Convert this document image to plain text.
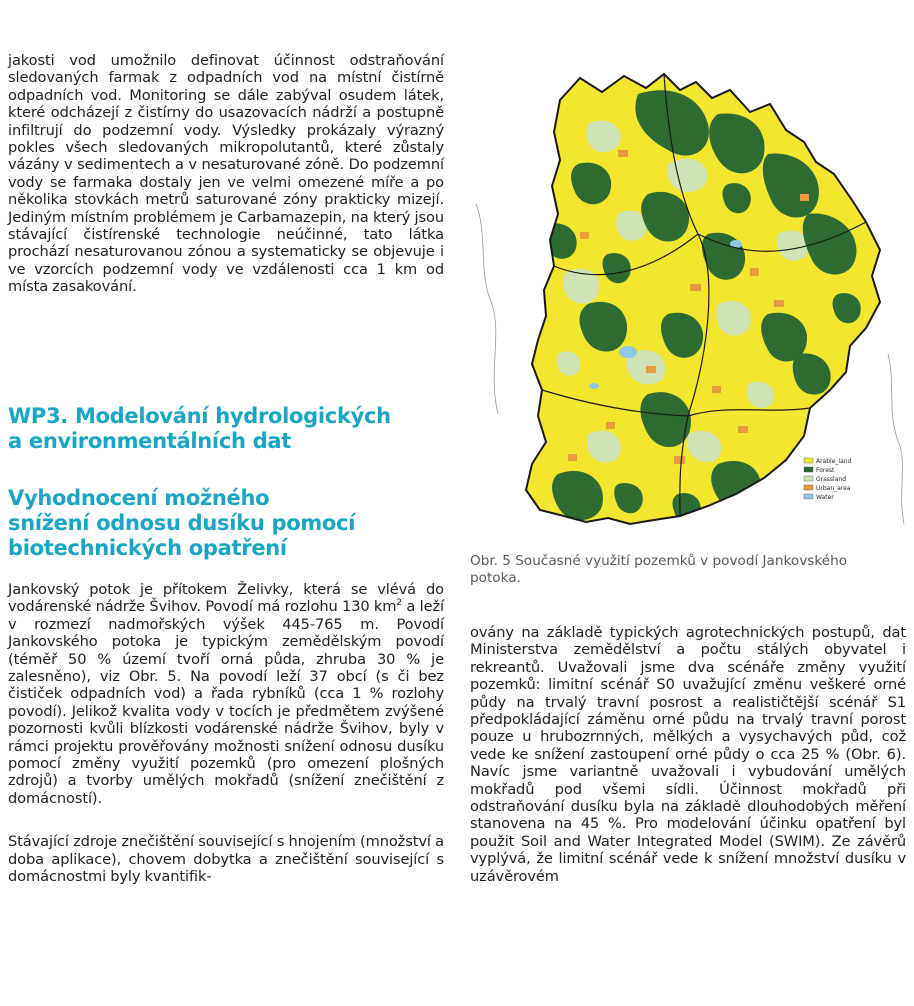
jakosti vod umožnilo definovat účinnost odstraňování sledovaných farmak z odpadních vod na místní čistírně odpadních vod. Monitoring se dále zabýval osudem látek, které odcházejí z čistírny do usazovacích nádrží a postupně infiltrují do podzemní vody. Výsledky prokázaly výrazný pokles všech sledovaných mikropolutantů, které zůstaly vázány v sedimentech a v nesaturované zóně. Do podzemní vody se farmaka dostaly jen ve velmi omezené míře a po několika stovkách metrů saturované zóny prakticky mizejí. Jediným místním problémem je Carbamazepin, na který jsou stávající čistírenské technologie neúčinné, tato látka prochází nesaturovanou zónou a systematicky se objevuje i ve vzorcích podzemní vody ve vzdálenosti cca 1 km od místa zasakování.

WP3. Modelování hydrologických
a environmentálních dat
Vyhodnocení možného
snížení odnosu dusíku pomocí
biotechnických opatření

Jankovský potok je přítokem Želivky, která se vlévá do vodárenské nádrže Švihov. Povodí má rozlohu 130 $km^2$ a leží v rozmezí nadmořských výšek 445-765 m. Povodí Jankovského potoka je typickým zemědělským povodí (téměř 50 % území tvoří orná půda, zhruba 30 % je zalesněno), viz Obr. 5. Na povodí leží 37 obcí (s či bez čističek odpadních vod) a řada rybníků (cca 1 % rozlohy povodí). Jelikož kvalita vody v tocích je předmětem zvýšené pozornosti kvůli blízkosti vodárenské nádrže Švihov, byly v rámci projektu prověřovány možnosti snížení odnosu dusíku pomocí změny využití pozemků (pro omezení plošných zdrojů) a tvorby umělých mokřadů (snížení znečištění z domácností).

Stávající zdroje znečištění související s hnojením (množství a doba aplikace), chovem dobytka a znečištění související s domácnostmi byly kvantifik-

Arable_land
Forest
Grassland
Urban_area
Water

Obr. 5 Současné využití pozemků v povodí Jankovského potoka.

ovány na základě typických agrotechnických postupů, dat Ministerstva zemědělství a počtu stálých obyvatel i rekreantů. Uvažovali jsme dva scénáře změny využití pozemků: limitní scénář S0 uvažující změnu veškeré orné půdy na trvalý travní posrost a realističtější scénář S1 předpokládající záměnu orné půdu na trvalý travní porost pouze u hrubozrnných, mělkých a vysychavých půd, což vede ke snížení zastoupení orné půdy o cca 25 % (Obr. 6). Navíc jsme variantně uvažovali i vybudování umělých mokřadů pod všemi sídli. Účinnost mokřadů při odstraňování dusíku byla na základě dlouhodobých měření stanovena na 45 %. Pro modelování účinku opatření byl použit Soil and Water Integrated Model (SWIM). Ze závěrů vyplývá, že limitní scénář vede k snížení množství dusíku v uzávěrovém
